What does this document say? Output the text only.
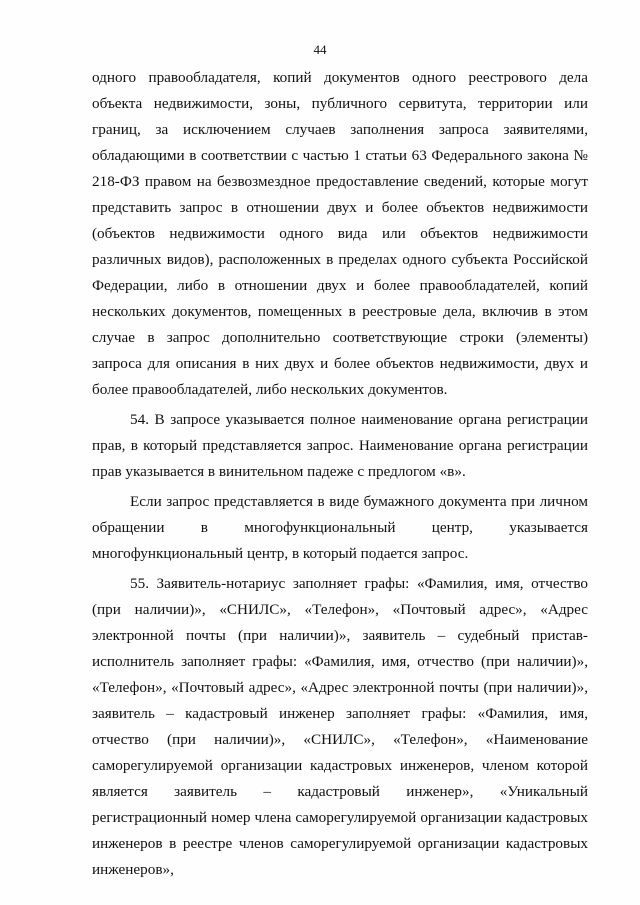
44

одного правообладателя, копий документов одного реестрового дела объекта недвижимости, зоны, публичного сервитута, территории или границ, за исключением случаев заполнения запроса заявителями, обладающими в соответствии с частью 1 статьи 63 Федерального закона № 218-ФЗ правом на безвозмездное предоставление сведений, которые могут представить запрос в отношении двух и более объектов недвижимости (объектов недвижимости одного вида или объектов недвижимости различных видов), расположенных в пределах одного субъекта Российской Федерации, либо в отношении двух и более правообладателей, копий нескольких документов, помещенных в реестровые дела, включив в этом случае в запрос дополнительно соответствующие строки (элементы) запроса для описания в них двух и более объектов недвижимости, двух и более правообладателей, либо нескольких документов.

54. В запросе указывается полное наименование органа регистрации прав, в который представляется запрос. Наименование органа регистрации прав указывается в винительном падеже с предлогом «в».

Если запрос представляется в виде бумажного документа при личном обращении в многофункциональный центр, указывается многофункциональный центр, в который подается запрос.

55. Заявитель-нотариус заполняет графы: «Фамилия, имя, отчество (при наличии)», «СНИЛС», «Телефон», «Почтовый адрес», «Адрес электронной почты (при наличии)», заявитель – судебный пристав-исполнитель заполняет графы: «Фамилия, имя, отчество (при наличии)», «Телефон», «Почтовый адрес», «Адрес электронной почты (при наличии)», заявитель – кадастровый инженер заполняет графы: «Фамилия, имя, отчество (при наличии)», «СНИЛС», «Телефон», «Наименование саморегулируемой организации кадастровых инженеров, членом которой является заявитель – кадастровый инженер», «Уникальный регистрационный номер члена саморегулируемой организации кадастровых инженеров в реестре членов саморегулируемой организации кадастровых инженеров»,
